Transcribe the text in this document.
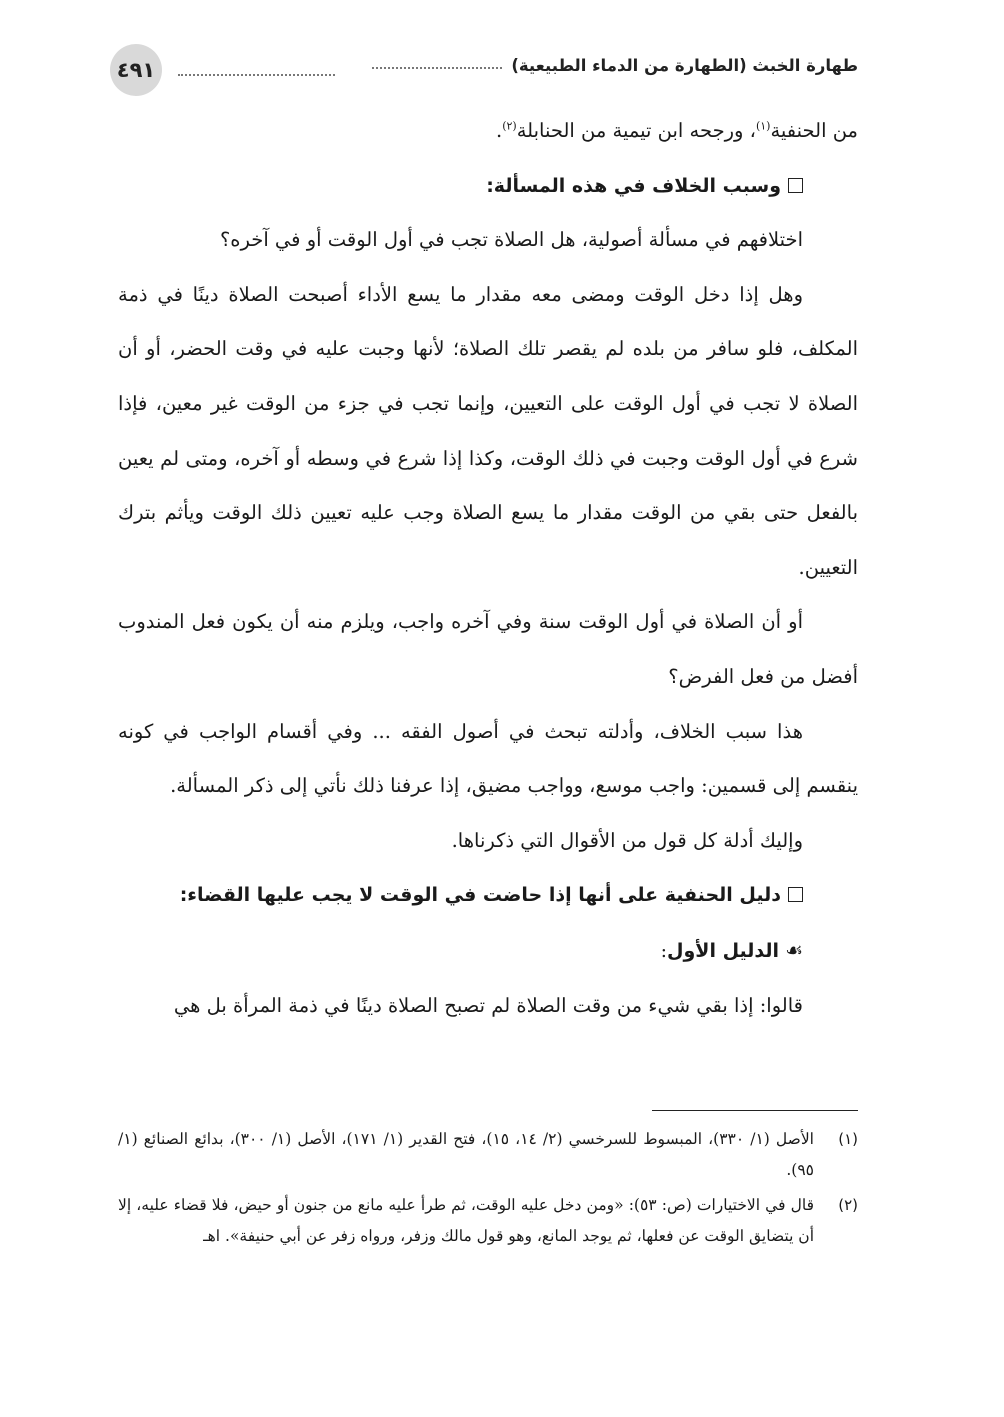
٤٩١	طهارة الخبث (الطهارة من الدماء الطبيعية)

من الحنفية$^{(١)}$، ورجحه ابن تيمية من الحنابلة$^{(٢)}$.

وسبب الخلاف في هذه المسألة:

اختلافهم في مسألة أصولية، هل الصلاة تجب في أول الوقت أو في آخره؟

وهل إذا دخل الوقت ومضى معه مقدار ما يسع الأداء أصبحت الصلاة دينًا في ذمة المكلف، فلو سافر من بلده لم يقصر تلك الصلاة؛ لأنها وجبت عليه في وقت الحضر، أو أن الصلاة لا تجب في أول الوقت على التعيين، وإنما تجب في جزء من الوقت غير معين، فإذا شرع في أول الوقت وجبت في ذلك الوقت، وكذا إذا شرع في وسطه أو آخره، ومتى لم يعين بالفعل حتى بقي من الوقت مقدار ما يسع الصلاة وجب عليه تعيين ذلك الوقت ويأثم بترك التعيين.

أو أن الصلاة في أول الوقت سنة وفي آخره واجب، ويلزم منه أن يكون فعل المندوب أفضل من فعل الفرض؟

هذا سبب الخلاف، وأدلته تبحث في أصول الفقه ... وفي أقسام الواجب في كونه ينقسم إلى قسمين: واجب موسع، وواجب مضيق، إذا عرفنا ذلك نأتي إلى ذكر المسألة.

وإليك أدلة كل قول من الأقوال التي ذكرناها.

دليل الحنفية على أنها إذا حاضت في الوقت لا يجب عليها القضاء:

☙الدليل الأول:

قالوا: إذا بقي شيء من وقت الصلاة لم تصبح الصلاة دينًا في ذمة المرأة بل هي

(١)
الأصل (١/ ٣٣٠)، المبسوط للسرخسي (٢/ ١٤، ١٥)، فتح القدير (١/ ١٧١)، الأصل (١/ ٣٠٠)، بدائع الصنائع (١/ ٩٥).
(٢)
قال في الاختيارات (ص: ٥٣): «ومن دخل عليه الوقت، ثم طرأ عليه مانع من جنون أو حيض، فلا قضاء عليه، إلا أن يتضايق الوقت عن فعلها، ثم يوجد المانع، وهو قول مالك وزفر، ورواه زفر عن أبي حنيفة». اهـ
